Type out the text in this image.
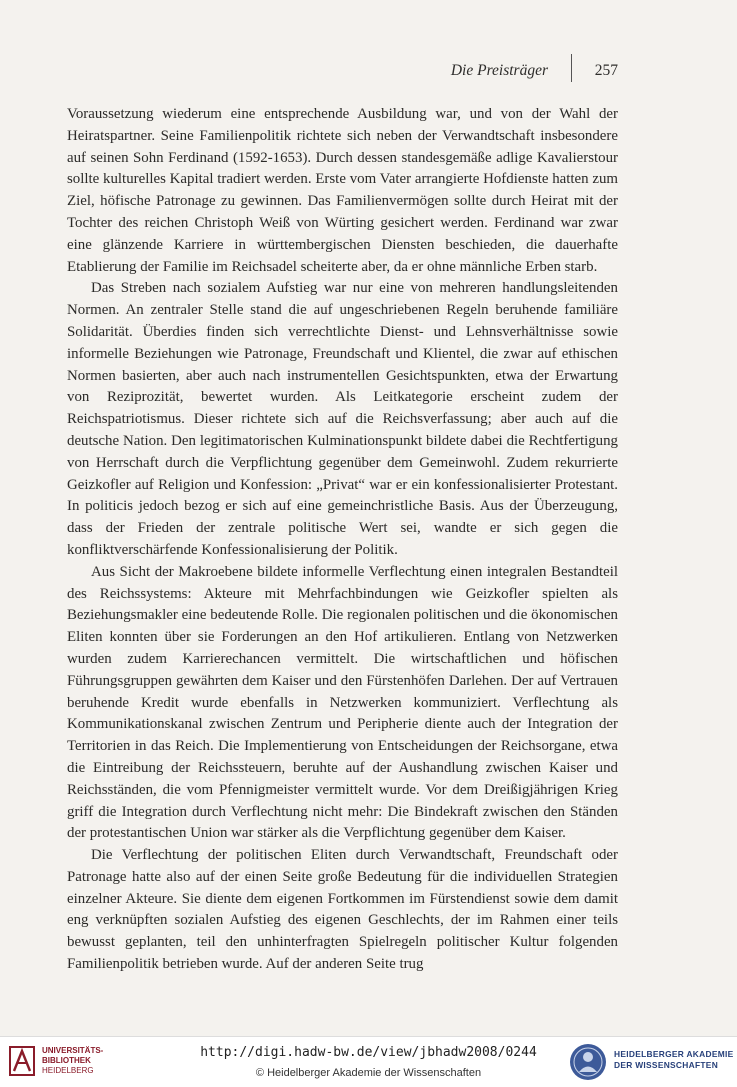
Die Preisträger	257

Voraussetzung wiederum eine entsprechende Ausbildung war, und von der Wahl der Heiratspartner. Seine Familienpolitik richtete sich neben der Verwandtschaft insbesondere auf seinen Sohn Ferdinand (1592-1653). Durch dessen standesgemäße adlige Kavalierstour sollte kulturelles Kapital tradiert werden. Erste vom Vater arrangierte Hofdienste hatten zum Ziel, höfische Patronage zu gewinnen. Das Familienvermögen sollte durch Heirat mit der Tochter des reichen Christoph Weiß von Würting gesichert werden. Ferdinand war zwar eine glänzende Karriere in württembergischen Diensten beschieden, die dauerhafte Etablierung der Familie im Reichsadel scheiterte aber, da er ohne männliche Erben starb.

Das Streben nach sozialem Aufstieg war nur eine von mehreren handlungsleitenden Normen. An zentraler Stelle stand die auf ungeschriebenen Regeln beruhende familiäre Solidarität. Überdies finden sich verrechtlichte Dienst- und Lehnsverhältnisse sowie informelle Beziehungen wie Patronage, Freundschaft und Klientel, die zwar auf ethischen Normen basierten, aber auch nach instrumentellen Gesichtspunkten, etwa der Erwartung von Reziprozität, bewertet wurden. Als Leitkategorie erscheint zudem der Reichspatriotismus. Dieser richtete sich auf die Reichsverfassung; aber auch auf die deutsche Nation. Den legitimatorischen Kulminationspunkt bildete dabei die Rechtfertigung von Herrschaft durch die Verpflichtung gegenüber dem Gemeinwohl. Zudem rekurrierte Geizkofler auf Religion und Konfession: „Privat“ war er ein konfessionalisierter Protestant. In politicis jedoch bezog er sich auf eine gemeinchristliche Basis. Aus der Überzeugung, dass der Frieden der zentrale politische Wert sei, wandte er sich gegen die konfliktverschärfende Konfessionalisierung der Politik.

Aus Sicht der Makroebene bildete informelle Verflechtung einen integralen Bestandteil des Reichssystems: Akteure mit Mehrfachbindungen wie Geizkofler spielten als Beziehungsmakler eine bedeutende Rolle. Die regionalen politischen und die ökonomischen Eliten konnten über sie Forderungen an den Hof artikulieren. Entlang von Netzwerken wurden zudem Karrierechancen vermittelt. Die wirtschaftlichen und höfischen Führungsgruppen gewährten dem Kaiser und den Fürstenhöfen Darlehen. Der auf Vertrauen beruhende Kredit wurde ebenfalls in Netzwerken kommuniziert. Verflechtung als Kommunikationskanal zwischen Zentrum und Peripherie diente auch der Integration der Territorien in das Reich. Die Implementierung von Entscheidungen der Reichsorgane, etwa die Eintreibung der Reichssteuern, beruhte auf der Aushandlung zwischen Kaiser und Reichsständen, die vom Pfennigmeister vermittelt wurde. Vor dem Dreißigjährigen Krieg griff die Integration durch Verflechtung nicht mehr: Die Bindekraft zwischen den Ständen der protestantischen Union war stärker als die Verpflichtung gegenüber dem Kaiser.

Die Verflechtung der politischen Eliten durch Verwandtschaft, Freundschaft oder Patronage hatte also auf der einen Seite große Bedeutung für die individuellen Strategien einzelner Akteure. Sie diente dem eigenen Fortkommen im Fürstendienst sowie dem damit eng verknüpften sozialen Aufstieg des eigenen Geschlechts, der im Rahmen einer teils bewusst geplanten, teil den unhinterfragten Spielregeln politischer Kultur folgenden Familienpolitik betrieben wurde. Auf der anderen Seite trug

UNIVERSITÄTS-
BIBLIOTHEK
HEIDELBERG
http://digi.hadw-bw.de/view/jbhadw2008/0244
© Heidelberger Akademie der Wissenschaften
HEIDELBERGER AKADEMIE
DER WISSENSCHAFTEN
